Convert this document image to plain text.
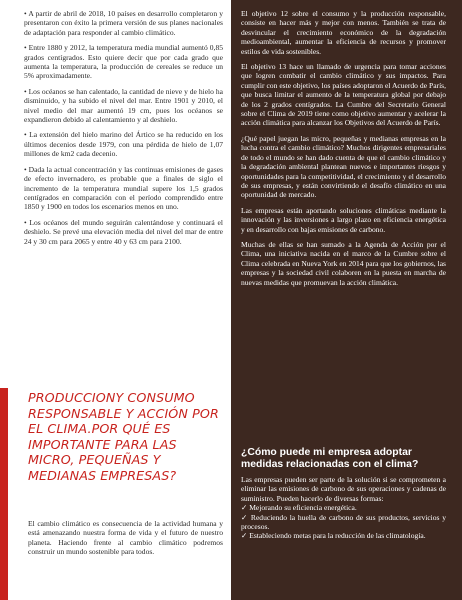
• A partir de abril de 2018, 10 países en desarrollo completaron y presentaron con éxito la primera versión de sus planes nacionales de adaptación para responder al cambio climático.
• Entre 1880 y 2012, la temperatura media mundial aumentó 0,85 grados centígrados. Esto quiere decir que por cada grado que aumenta la temperatura, la producción de cereales se reduce un 5% aproximadamente.
• Los océanos se han calentado, la cantidad de nieve y de hielo ha disminuido, y ha subido el nivel del mar. Entre 1901 y 2010, el nivel medio del mar aumentó 19 cm, pues los océanos se expandieron debido al calentamiento y al deshielo.
• La extensión del hielo marino del Ártico se ha reducido en los últimos decenios desde 1979, con una pérdida de hielo de 1,07 millones de km2 cada decenio.
• Dada la actual concentración y las continuas emisiones de gases de efecto invernadero, es probable que a finales de siglo el incremento de la temperatura mundial supere los 1,5 grados centígrados en comparación con el período comprendido entre 1850 y 1900 en todos los escenarios menos en uno.
• Los océanos del mundo seguirán calentándose y continuará el deshielo. Se prevé una elevación media del nivel del mar de entre 24 y 30 cm para 2065 y entre 40 y 63 cm para 2100.
PRODUCCIONY CONSUMO RESPONSABLE Y ACCIÓN POR EL CLIMA.POR QUÉ ES IMPORTANTE PARA LAS MICRO, PEQUEÑAS Y MEDIANAS EMPRESAS?

El cambio climático es consecuencia de la actividad humana y está amenazando nuestra forma de vida y el futuro de nuestro planeta. Haciendo frente al cambio climático podremos construir un mundo sostenible para todos.

El objetivo 12 sobre el consumo y la producción responsable, consiste en hacer más y mejor con menos. También se trata de desvincular el crecimiento económico de la degradación medioambiental, aumentar la eficiencia de recursos y promover estilos de vida sostenibles.

El objetivo 13 hace un llamado de urgencia para tomar acciones que logren combatir el cambio climático y sus impactos. Para cumplir con este objetivo, los países adoptaron el Acuerdo de París, que busca limitar el aumento de la temperatura global por debajo de los 2 grados centígrados. La Cumbre del Secretario General sobre el Clima de 2019 tiene como objetivo aumentar y acelerar la acción climática para alcanzar los Objetivos del Acuerdo de París.

¿Qué papel juegan las micro, pequeñas y medianas empresas en la lucha contra el cambio climático? Muchos dirigentes empresariales de todo el mundo se han dado cuenta de que el cambio climático y la degradación ambiental plantean nuevos e importantes riesgos y oportunidades para la competitividad, el crecimiento y el desarrollo de sus empresas, y están convirtiendo el desafío climático en una oportunidad de mercado.

Las empresas están aportando soluciones climáticas mediante la innovación y las inversiones a largo plazo en eficiencia energética y en desarrollo con bajas emisiones de carbono.

Muchas de ellas se han sumado a la Agenda de Acción por el Clima, una iniciativa nacida en el marco de la Cumbre sobre el Clima celebrada en Nueva York en 2014 para que los gobiernos, las empresas y la sociedad civil colaboren en la puesta en marcha de nuevas medidas que promuevan la acción climática.

¿Cómo puede mi empresa adoptar medidas relacionadas con el clima?

Las empresas pueden ser parte de la solución si se comprometen a eliminar las emisiones de carbono de sus operaciones y cadenas de suministro. Pueden hacerlo de diversas formas:

✓ Mejorando su eficiencia energética.
✓ Reduciendo la huella de carbono de sus productos, servicios y procesos.
✓ Estableciendo metas para la reducción de las climatología.
